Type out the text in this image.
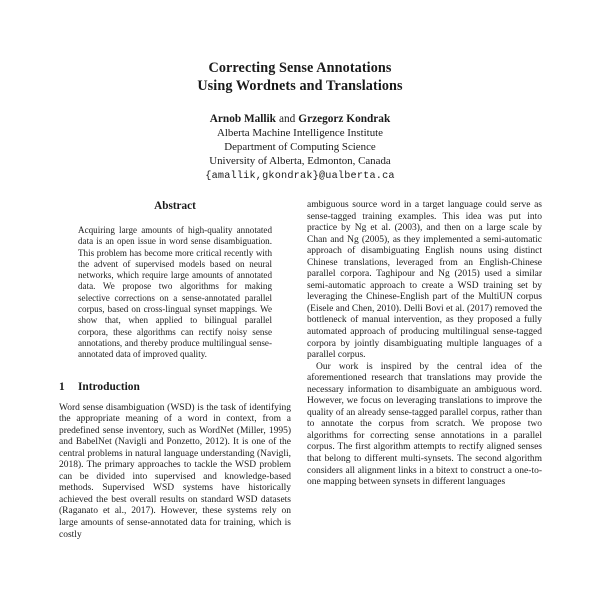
Correcting Sense Annotations
Using Wordnets and Translations
Arnob Mallik and Grzegorz Kondrak
Alberta Machine Intelligence Institute
Department of Computing Science
University of Alberta, Edmonton, Canada
{amallik,gkondrak}@ualberta.ca
Abstract

Acquiring large amounts of high-quality annotated data is an open issue in word sense disambiguation. This problem has become more critical recently with the advent of supervised models based on neural networks, which require large amounts of annotated data. We propose two algorithms for making selective corrections on a sense-annotated parallel corpus, based on cross-lingual synset mappings. We show that, when applied to bilingual parallel corpora, these algorithms can rectify noisy sense annotations, and thereby produce multilingual sense-annotated data of improved quality.

1	Introduction

Word sense disambiguation (WSD) is the task of identifying the appropriate meaning of a word in context, from a predefined sense inventory, such as WordNet (Miller, 1995) and BabelNet (Navigli and Ponzetto, 2012). It is one of the central problems in natural language understanding (Navigli, 2018). The primary approaches to tackle the WSD problem can be divided into supervised and knowledge-based methods. Supervised WSD systems have historically achieved the best overall results on standard WSD datasets (Raganato et al., 2017). However, these systems rely on large amounts of sense-annotated data for training, which is costly

ambiguous source word in a target language could serve as sense-tagged training examples. This idea was put into practice by Ng et al. (2003), and then on a large scale by Chan and Ng (2005), as they implemented a semi-automatic approach of disambiguating English nouns using distinct Chinese translations, leveraged from an English-Chinese parallel corpora. Taghipour and Ng (2015) used a similar semi-automatic approach to create a WSD training set by leveraging the Chinese-English part of the MultiUN corpus (Eisele and Chen, 2010). Delli Bovi et al. (2017) removed the bottleneck of manual intervention, as they proposed a fully automated approach of producing multilingual sense-tagged corpora by jointly disambiguating multiple languages of a parallel corpus.

Our work is inspired by the central idea of the aforementioned research that translations may provide the necessary information to disambiguate an ambiguous word. However, we focus on leveraging translations to improve the quality of an already sense-tagged parallel corpus, rather than to annotate the corpus from scratch. We propose two algorithms for correcting sense annotations in a parallel corpus. The first algorithm attempts to rectify aligned senses that belong to different multi-synsets. The second algorithm considers all alignment links in a bitext to construct a one-to-one mapping between synsets in different languages
